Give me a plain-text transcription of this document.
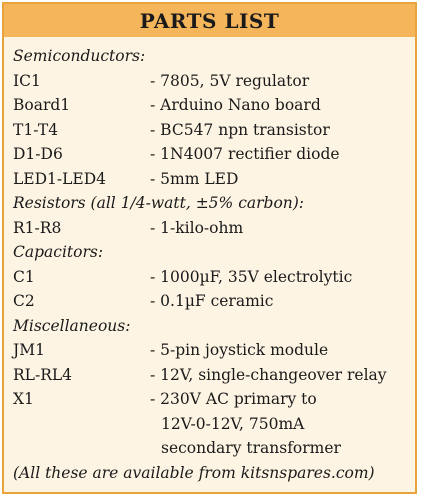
PARTS LIST
Semiconductors:
IC1	- 7805, 5V regulator
Board1	- Arduino Nano board
T1-T4	- BC547 npn transistor
D1-D6	- 1N4007 rectifier diode
LED1-LED4	- 5mm LED
Resistors (all 1/4-watt, ±5% carbon):
R1-R8	- 1-kilo-ohm
Capacitors:
C1	- 1000µF, 35V electrolytic
C2	- 0.1µF ceramic
Miscellaneous:
JM1	- 5-pin joystick module
RL-RL4	- 12V, single-changeover relay
X1	- 230V AC primary to
12V-0-12V, 750mA
secondary transformer
(All these are available from kitsnspares.com)
